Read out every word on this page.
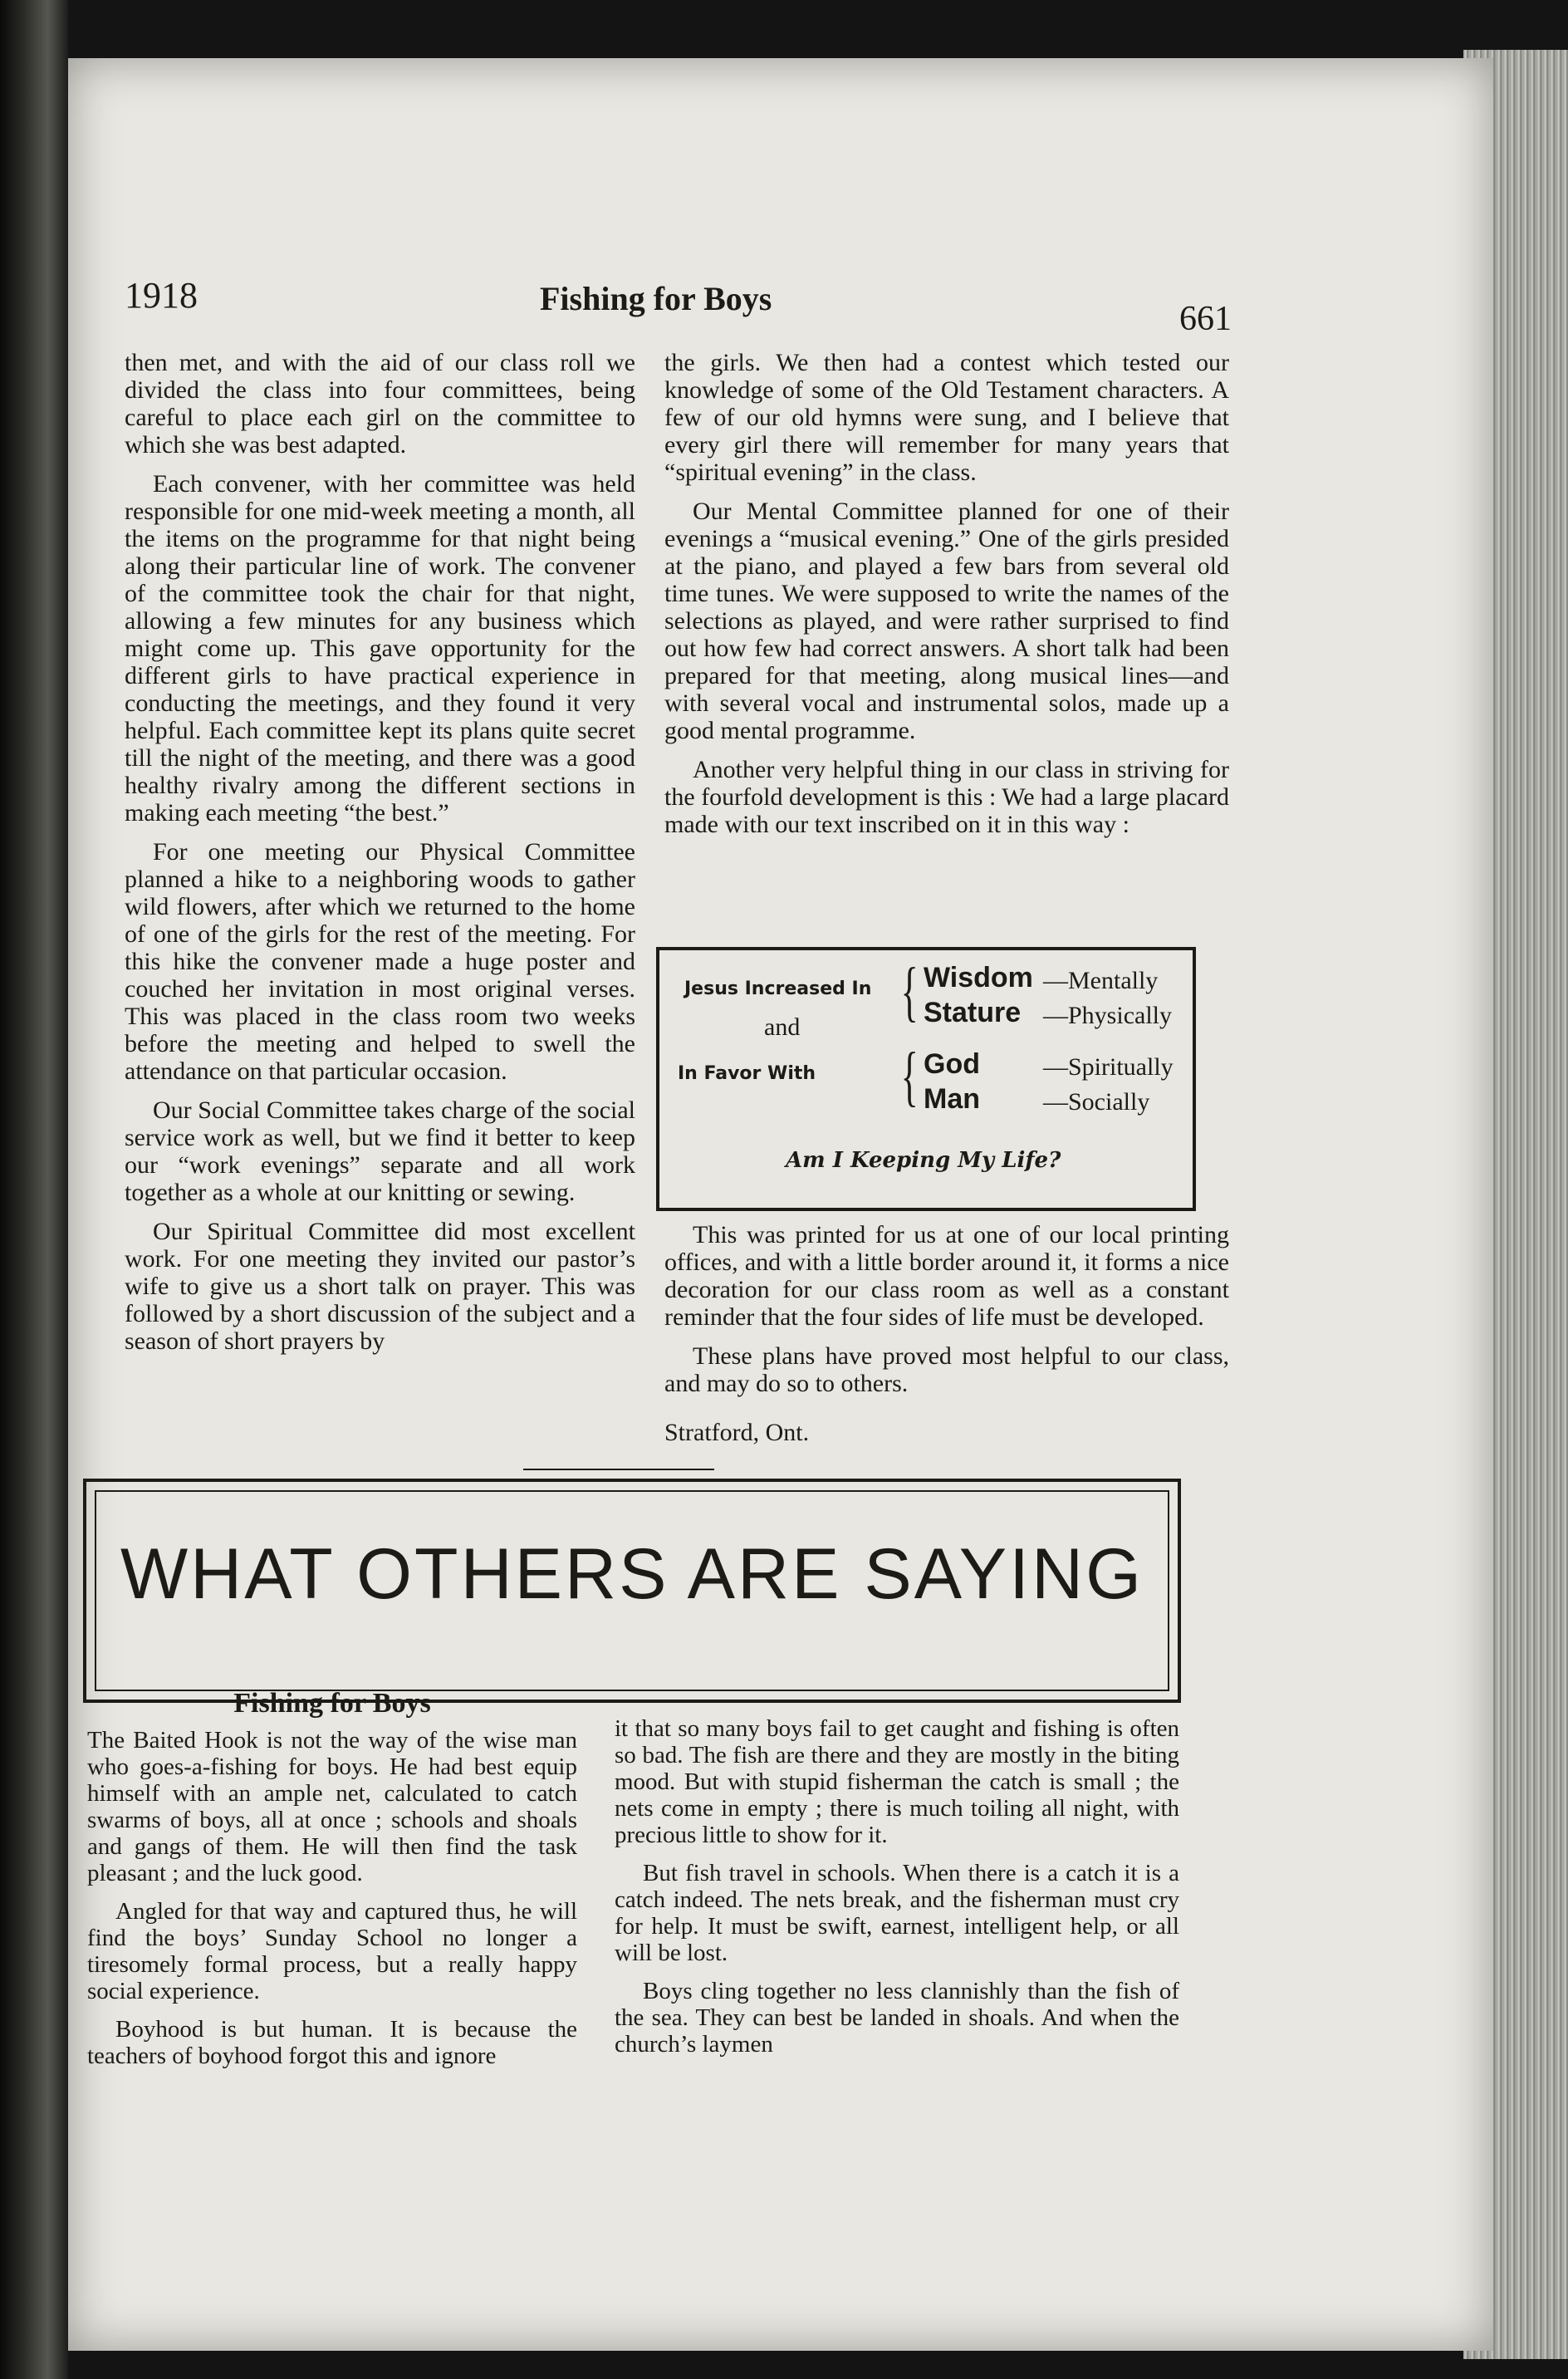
1918	Fishing for Boys
661

then met, and with the aid of our class roll we divided the class into four committees, being careful to place each girl on the committee to which she was best adapted.

Each convener, with her committee was held responsible for one mid-week meeting a month, all the items on the programme for that night being along their particular line of work. The convener of the committee took the chair for that night, allowing a few minutes for any business which might come up. This gave opportunity for the different girls to have practical experience in conducting the meetings, and they found it very helpful. Each committee kept its plans quite secret till the night of the meeting, and there was a good healthy rivalry among the different sections in making each meeting “the best.”

For one meeting our Physical Committee planned a hike to a neighboring woods to gather wild flowers, after which we returned to the home of one of the girls for the rest of the meeting. For this hike the convener made a huge poster and couched her invitation in most original verses. This was placed in the class room two weeks before the meeting and helped to swell the attendance on that particular occasion.

Our Social Committee takes charge of the social service work as well, but we find it better to keep our “work evenings” separate and all work together as a whole at our knitting or sewing.

Our Spiritual Committee did most excellent work. For one meeting they invited our pastor’s wife to give us a short talk on prayer. This was followed by a short discussion of the subject and a season of short prayers by

the girls. We then had a contest which tested our knowledge of some of the Old Testament characters. A few of our old hymns were sung, and I believe that every girl there will remember for many years that “spiritual evening” in the class.

Our Mental Committee planned for one of their evenings a “musical evening.” One of the girls presided at the piano, and played a few bars from several old time tunes. We were supposed to write the names of the selections as played, and were rather surprised to find out how few had correct answers. A short talk had been prepared for that meeting, along musical lines—and with several vocal and instrumental solos, made up a good mental programme.

Another very helpful thing in our class in striving for the fourfold development is this : We had a large placard made with our text inscribed on it in this way :

Jesus Increased In { Wisdom —Mentally
Stature —Physically
and
In Favor With { God	—Spiritually
Man	—Socially
Am I Keeping My Life?

This was printed for us at one of our local printing offices, and with a little border around it, it forms a nice decoration for our class room as well as a constant reminder that the four sides of life must be developed.

These plans have proved most helpful to our class, and may do so to others.

Stratford, Ont.
WHAT OTHERS ARE SAYING
Fishing for Boys

The Baited Hook is not the way of the wise man who goes-a-fishing for boys. He had best equip himself with an ample net, calculated to catch swarms of boys, all at once ; schools and shoals and gangs of them. He will then find the task pleasant ; and the luck good.

Angled for that way and captured thus, he will find the boys’ Sunday School no longer a tiresomely formal process, but a really happy social experience.

Boyhood is but human. It is because the teachers of boyhood forgot this and ignore

it that so many boys fail to get caught and fishing is often so bad. The fish are there and they are mostly in the biting mood. But with stupid fisherman the catch is small ; the nets come in empty ; there is much toiling all night, with precious little to show for it.

But fish travel in schools. When there is a catch it is a catch indeed. The nets break, and the fisherman must cry for help. It must be swift, earnest, intelligent help, or all will be lost.

Boys cling together no less clannishly than the fish of the sea. They can best be landed in shoals. And when the church’s laymen
